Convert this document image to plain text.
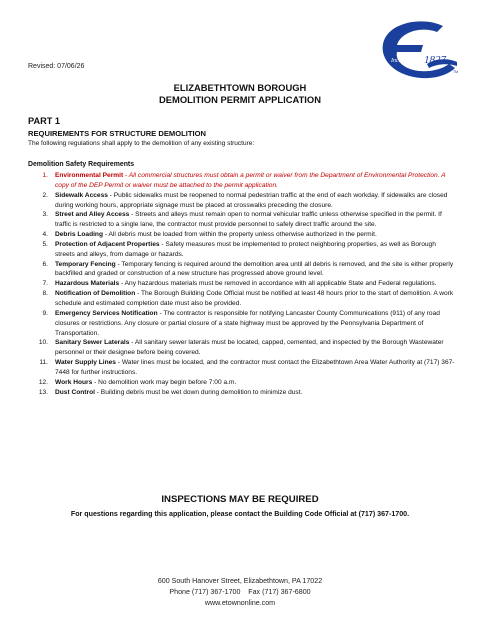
Revised: 07/06/26
Incorporated 1827
TM
ELIZABETHTOWN BOROUGH
DEMOLITION PERMIT APPLICATION
PART 1
REQUIREMENTS FOR STRUCTURE DEMOLITION
The following regulations shall apply to the demolition of any existing structure:
Demolition Safety Requirements
1. Environmental Permit - All commercial structures must obtain a permit or waiver from the Department of Environmental Protection. A copy of the DEP Permit or waiver must be attached to the permit application.
2. Sidewalk Access - Public sidewalks must be reopened to normal pedestrian traffic at the end of each workday. If sidewalks are closed during working hours, appropriate signage must be placed at crosswalks preceding the closure.
3. Street and Alley Access - Streets and alleys must remain open to normal vehicular traffic unless otherwise specified in the permit. If traffic is restricted to a single lane, the contractor must provide personnel to safely direct traffic around the site.
4. Debris Loading - All debris must be loaded from within the property unless otherwise authorized in the permit.
5. Protection of Adjacent Properties - Safety measures must be implemented to protect neighboring properties, as well as Borough streets and alleys, from damage or hazards.
6. Temporary Fencing - Temporary fencing is required around the demolition area until all debris is removed, and the site is either properly backfilled and graded or construction of a new structure has progressed above ground level.
7. Hazardous Materials - Any hazardous materials must be removed in accordance with all applicable State and Federal regulations.
8. Notification of Demolition - The Borough Building Code Official must be notified at least 48 hours prior to the start of demolition. A work schedule and estimated completion date must also be provided.
9. Emergency Services Notification - The contractor is responsible for notifying Lancaster County Communications (911) of any road closures or restrictions. Any closure or partial closure of a state highway must be approved by the Pennsylvania Department of Transportation.
10. Sanitary Sewer Laterals - All sanitary sewer laterals must be located, capped, cemented, and inspected by the Borough Wastewater personnel or their designee before being covered.
11. Water Supply Lines - Water lines must be located, and the contractor must contact the Elizabethtown Area Water Authority at (717) 367-7448 for further instructions.
12. Work Hours - No demolition work may begin before 7:00 a.m.
13. Dust Control - Building debris must be wet down during demolition to minimize dust.
INSPECTIONS MAY BE REQUIRED
For questions regarding this application, please contact the Building Code Official at (717) 367-1700.
600 South Hanover Street, Elizabethtown, PA 17022
Phone (717) 367-1700    Fax (717) 367-6800
www.etownonline.com
